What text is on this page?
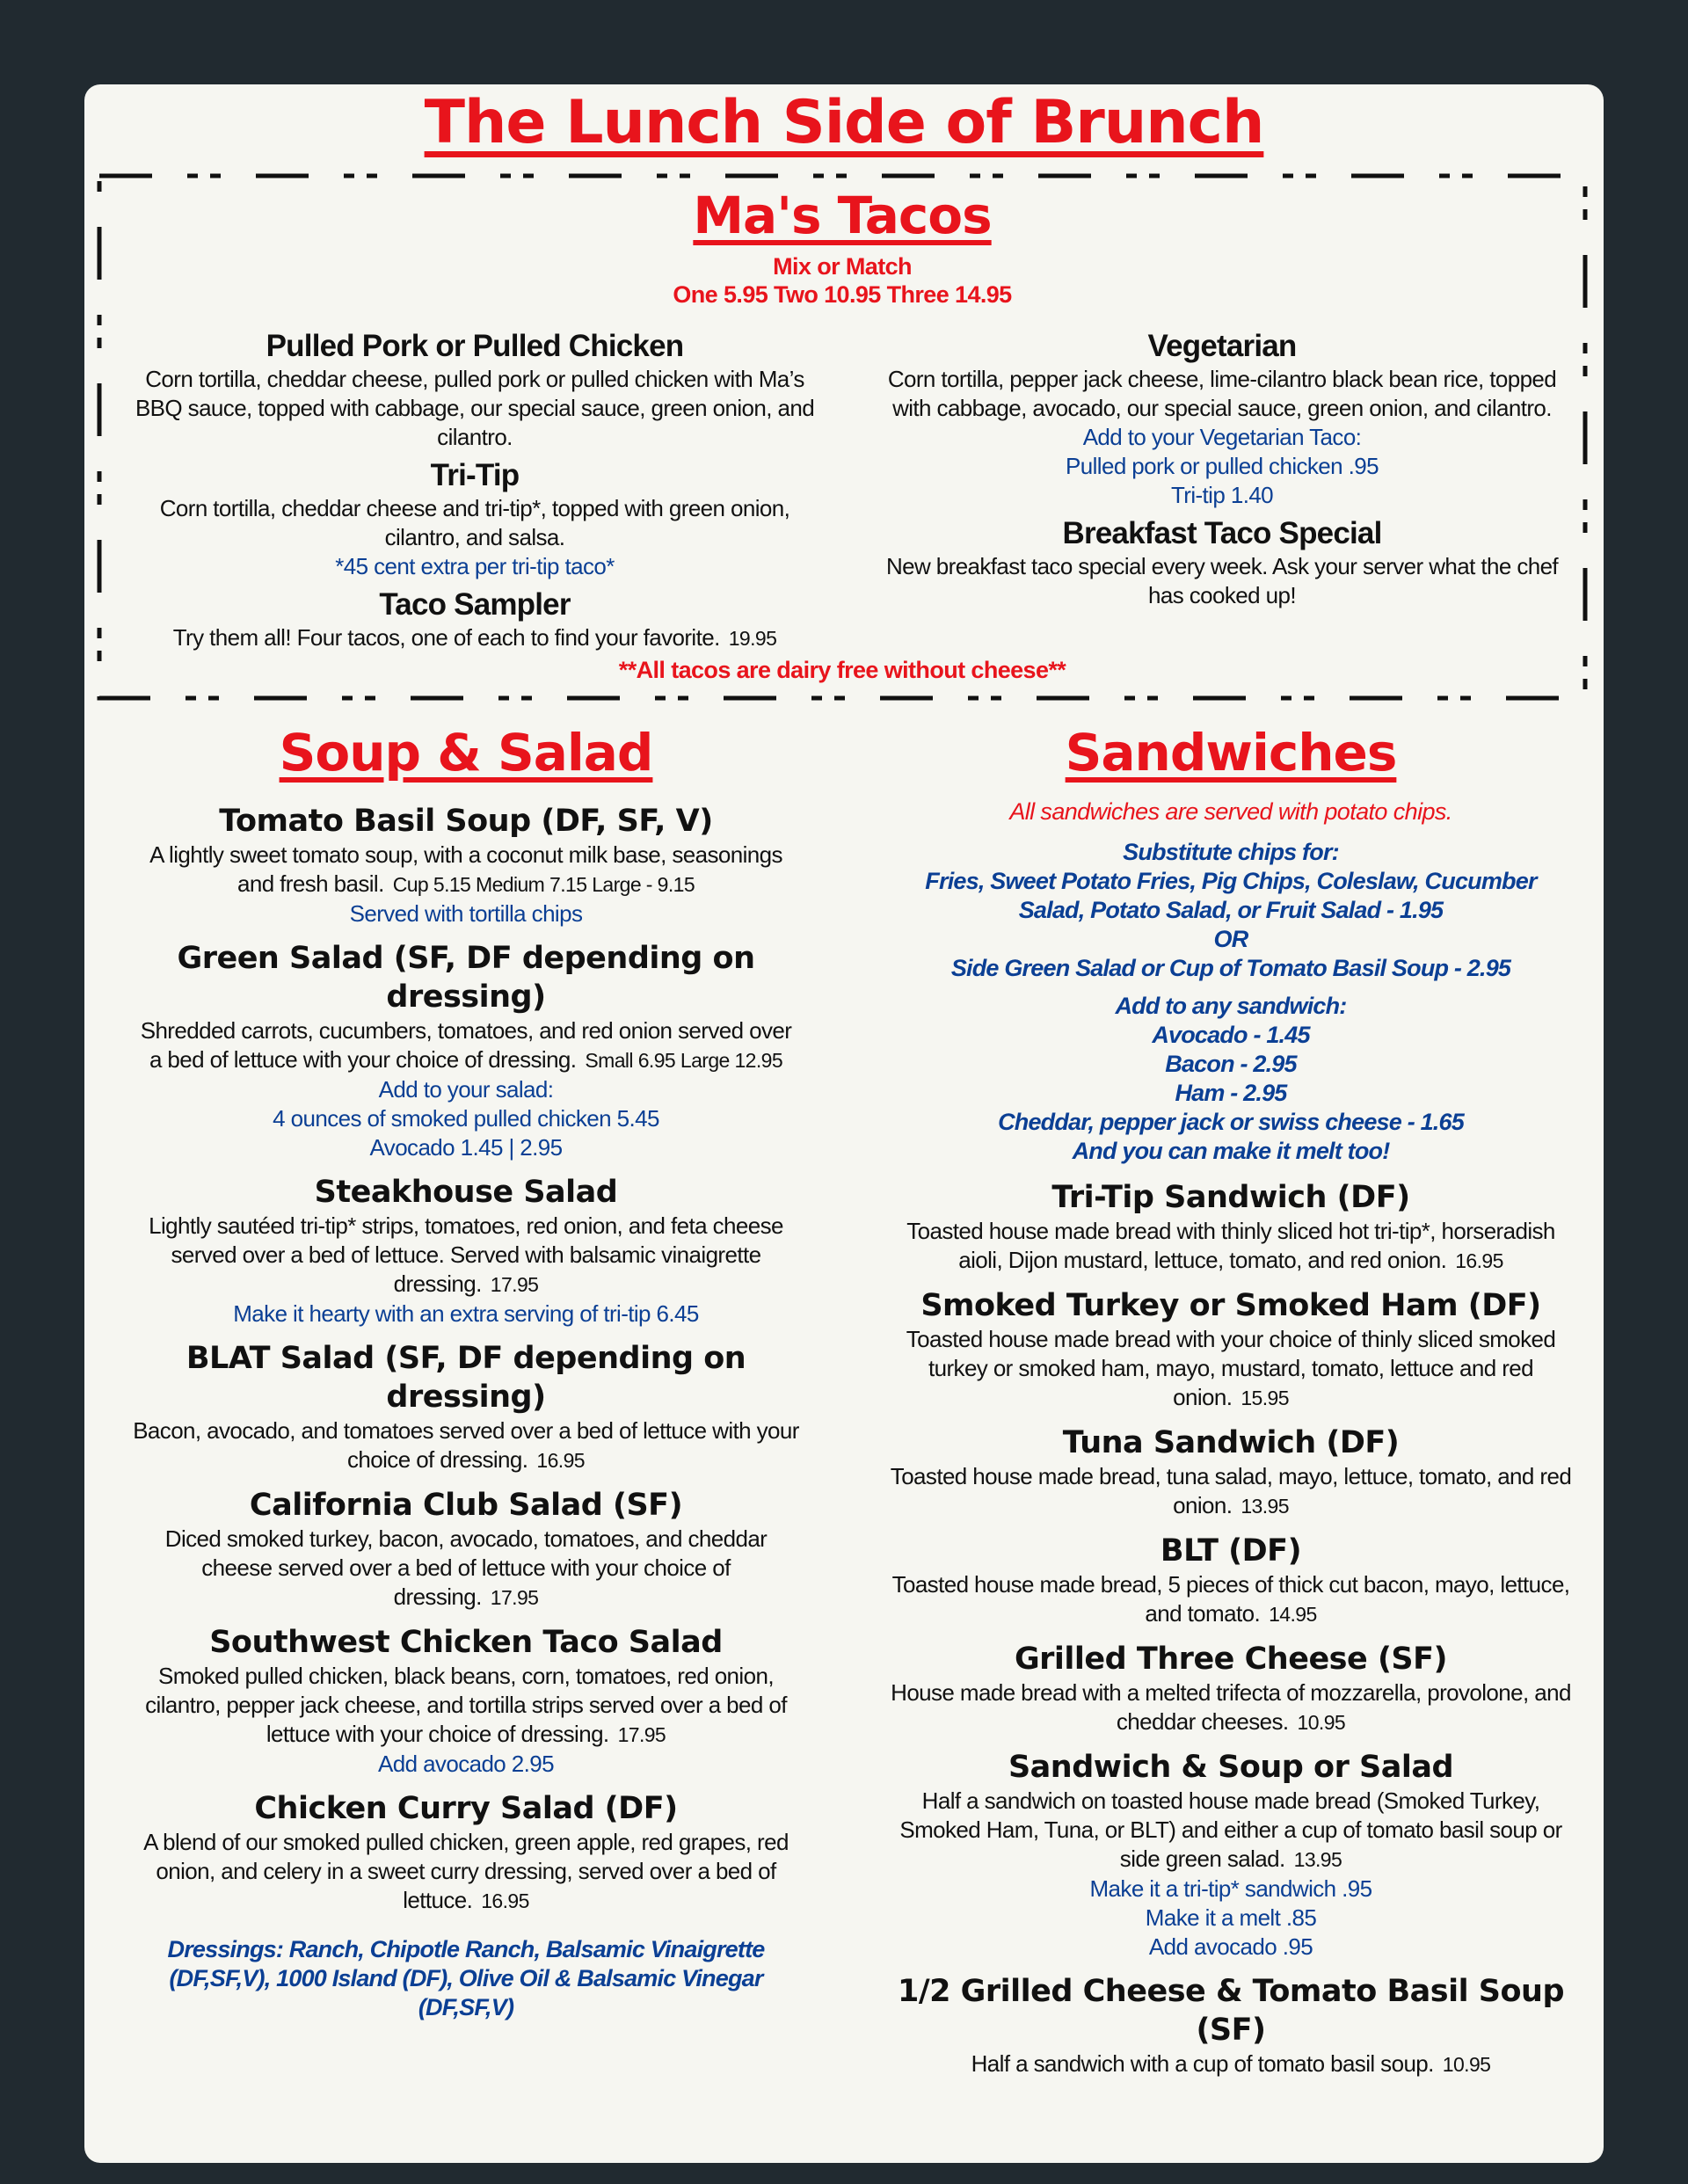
The Lunch Side of Brunch
Ma's Tacos
Mix or Match
One 5.95 Two 10.95 Three 14.95
Pulled Pork or Pulled Chicken
Corn tortilla, cheddar cheese, pulled pork or pulled chicken with Ma’s BBQ sauce, topped with cabbage, our special sauce, green onion, and cilantro.
Tri-Tip
Corn tortilla, cheddar cheese and tri-tip*, topped with green onion, cilantro, and salsa.
*45 cent extra per tri-tip taco*
Taco Sampler
Try them all! Four tacos, one of each to find your favorite. 19.95
Vegetarian
Corn tortilla, pepper jack cheese, lime-cilantro black bean rice, topped with cabbage, avocado, our special sauce, green onion, and cilantro.
Add to your Vegetarian Taco:
Pulled pork or pulled chicken .95
Tri-tip 1.40
Breakfast Taco Special
New breakfast taco special every week. Ask your server what the chef has cooked up!
**All tacos are dairy free without cheese**
Soup & Salad
Tomato Basil Soup (DF, SF, V)
A lightly sweet tomato soup, with a coconut milk base, seasonings and fresh basil. Cup 5.15 Medium 7.15 Large - 9.15
Served with tortilla chips
Green Salad (SF, DF depending on dressing)
Shredded carrots, cucumbers, tomatoes, and red onion served over a bed of lettuce with your choice of dressing. Small 6.95 Large 12.95
Add to your salad:
4 ounces of smoked pulled chicken 5.45
Avocado 1.45 | 2.95
Steakhouse Salad
Lightly sautéed tri-tip* strips, tomatoes, red onion, and feta cheese served over a bed of lettuce. Served with balsamic vinaigrette dressing. 17.95
Make it hearty with an extra serving of tri-tip 6.45
BLAT Salad (SF, DF depending on dressing)
Bacon, avocado, and tomatoes served over a bed of lettuce with your choice of dressing. 16.95
California Club Salad (SF)
Diced smoked turkey, bacon, avocado, tomatoes, and cheddar cheese served over a bed of lettuce with your choice of dressing. 17.95
Southwest Chicken Taco Salad
Smoked pulled chicken, black beans, corn, tomatoes, red onion, cilantro, pepper jack cheese, and tortilla strips served over a bed of lettuce with your choice of dressing. 17.95
Add avocado 2.95
Chicken Curry Salad (DF)
A blend of our smoked pulled chicken, green apple, red grapes, red onion, and celery in a sweet curry dressing, served over a bed of lettuce. 16.95
Dressings: Ranch, Chipotle Ranch, Balsamic Vinaigrette (DF,SF,V), 1000 Island (DF), Olive Oil & Balsamic Vinegar (DF,SF,V)
Sandwiches
All sandwiches are served with potato chips.
Substitute chips for:
Fries, Sweet Potato Fries, Pig Chips, Coleslaw, Cucumber Salad, Potato Salad, or Fruit Salad - 1.95
OR
Side Green Salad or Cup of Tomato Basil Soup - 2.95
Add to any sandwich:
Avocado - 1.45
Bacon - 2.95
Ham - 2.95
Cheddar, pepper jack or swiss cheese - 1.65
And you can make it melt too!
Tri-Tip Sandwich (DF)
Toasted house made bread with thinly sliced hot tri-tip*, horseradish aioli, Dijon mustard, lettuce, tomato, and red onion. 16.95
Smoked Turkey or Smoked Ham (DF)
Toasted house made bread with your choice of thinly sliced smoked turkey or smoked ham, mayo, mustard, tomato, lettuce and red onion. 15.95
Tuna Sandwich (DF)
Toasted house made bread, tuna salad, mayo, lettuce, tomato, and red onion. 13.95
BLT (DF)
Toasted house made bread, 5 pieces of thick cut bacon, mayo, lettuce, and tomato. 14.95
Grilled Three Cheese (SF)
House made bread with a melted trifecta of mozzarella, provolone, and cheddar cheeses. 10.95
Sandwich & Soup or Salad
Half a sandwich on toasted house made bread (Smoked Turkey, Smoked Ham, Tuna, or BLT) and either a cup of tomato basil soup or side green salad. 13.95
Make it a tri-tip* sandwich .95
Make it a melt .85
Add avocado .95
1/2 Grilled Cheese & Tomato Basil Soup (SF)
Half a sandwich with a cup of tomato basil soup. 10.95
